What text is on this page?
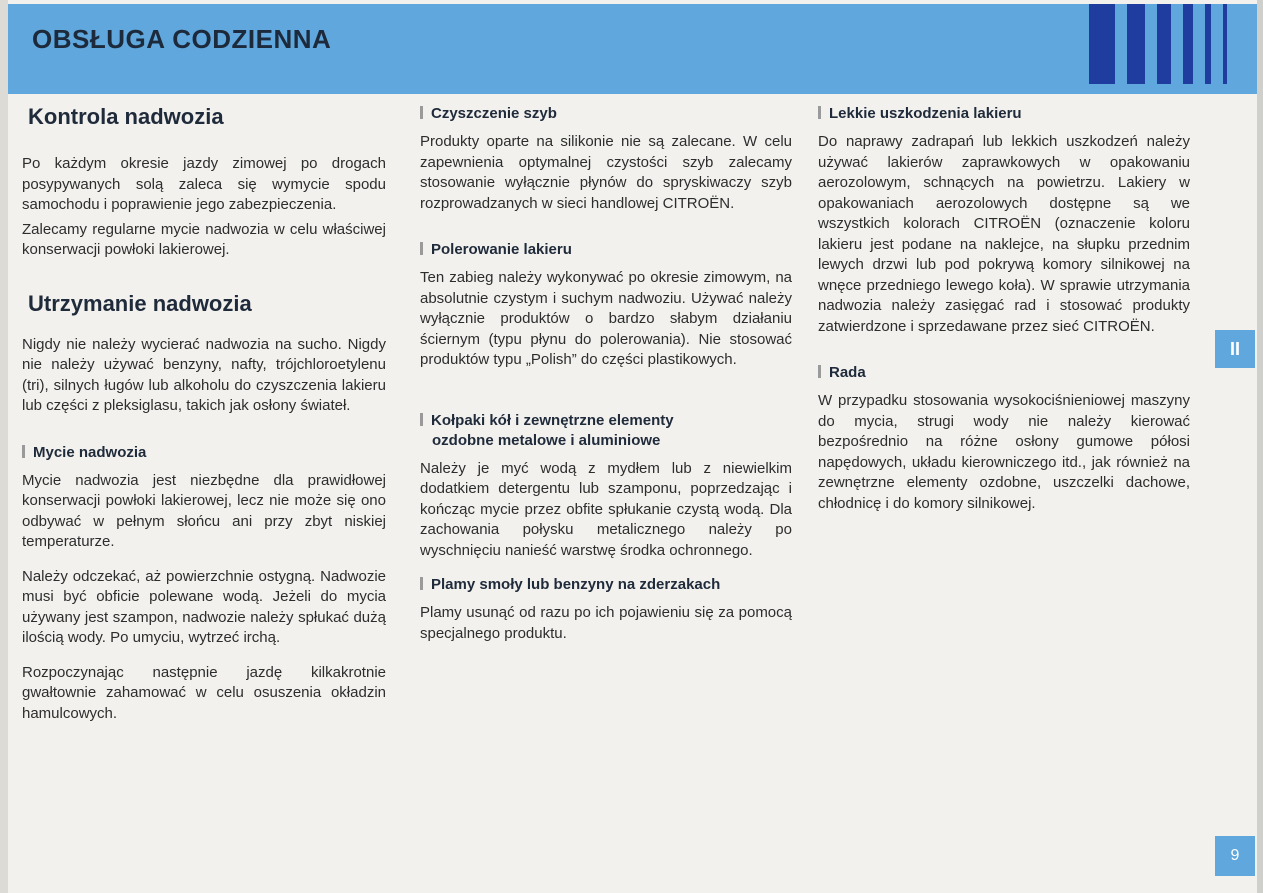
OBSŁUGA CODZIENNA
Kontrola nadwozia

Po każdym okresie jazdy zimowej po drogach posypywanych solą zaleca się wymycie spodu samochodu i poprawienie jego zabezpieczenia.

Zalecamy regularne mycie nadwozia w celu właściwej konserwacji powłoki lakierowej.

Utrzymanie nadwozia

Nigdy nie należy wycierać nadwozia na sucho. Nigdy nie należy używać benzyny, nafty, trójchloroetylenu (tri), silnych ługów lub alkoholu do czyszczenia lakieru lub części z pleksiglasu, takich jak osłony świateł.

Mycie nadwozia

Mycie nadwozia jest niezbędne dla prawidłowej konserwacji powłoki lakierowej, lecz nie może się ono odbywać w pełnym słońcu ani przy zbyt niskiej temperaturze.

Należy odczekać, aż powierzchnie ostygną. Nadwozie musi być obficie polewane wodą. Jeżeli do mycia używany jest szampon, nadwozie należy spłukać dużą ilością wody. Po umyciu, wytrzeć irchą.

Rozpoczynając następnie jazdę kilkakrotnie gwałtownie zahamować w celu osuszenia okładzin hamulcowych.

Czyszczenie szyb

Produkty oparte na silikonie nie są zalecane. W celu zapewnienia optymalnej czystości szyb zalecamy stosowanie wyłącznie płynów do spryskiwaczy szyb rozprowadzanych w sieci handlowej CITROËN.

Polerowanie lakieru

Ten zabieg należy wykonywać po okresie zimowym, na absolutnie czystym i suchym nadwoziu. Używać należy wyłącznie produktów o bardzo słabym działaniu ściernym (typu płynu do polerowania). Nie stosować produktów typu „Polish” do części plastikowych.

Kołpaki kół i zewnętrzne elementy
ozdobne metalowe i aluminiowe

Należy je myć wodą z mydłem lub z niewielkim dodatkiem detergentu lub szamponu, poprzedzając i kończąc mycie przez obfite spłukanie czystą wodą. Dla zachowania połysku metalicznego należy po wyschnięciu nanieść warstwę środka ochronnego.

Plamy smoły lub benzyny na zderzakach

Plamy usunąć od razu po ich pojawieniu się za pomocą specjalnego produktu.

Lekkie uszkodzenia lakieru

Do naprawy zadrapań lub lekkich uszkodzeń należy używać lakierów zaprawkowych w opakowaniu aerozolowym, schnących na powietrzu. Lakiery w opakowaniach aerozolowych dostępne są we wszystkich kolorach CITROËN (oznaczenie koloru lakieru jest podane na naklejce, na słupku przednim lewych drzwi lub pod pokrywą komory silnikowej na wnęce przedniego lewego koła). W sprawie utrzymania nadwozia należy zasięgać rad i stosować produkty zatwierdzone i sprzedawane przez sieć CITROËN.

Rada

W przypadku stosowania wysokociśnieniowej maszyny do mycia, strugi wody nie należy kierować bezpośrednio na różne osłony gumowe półosi napędowych, układu kierowniczego itd., jak również na zewnętrzne elementy ozdobne, uszczelki dachowe, chłodnicę i do komory silnikowej.

II
9
